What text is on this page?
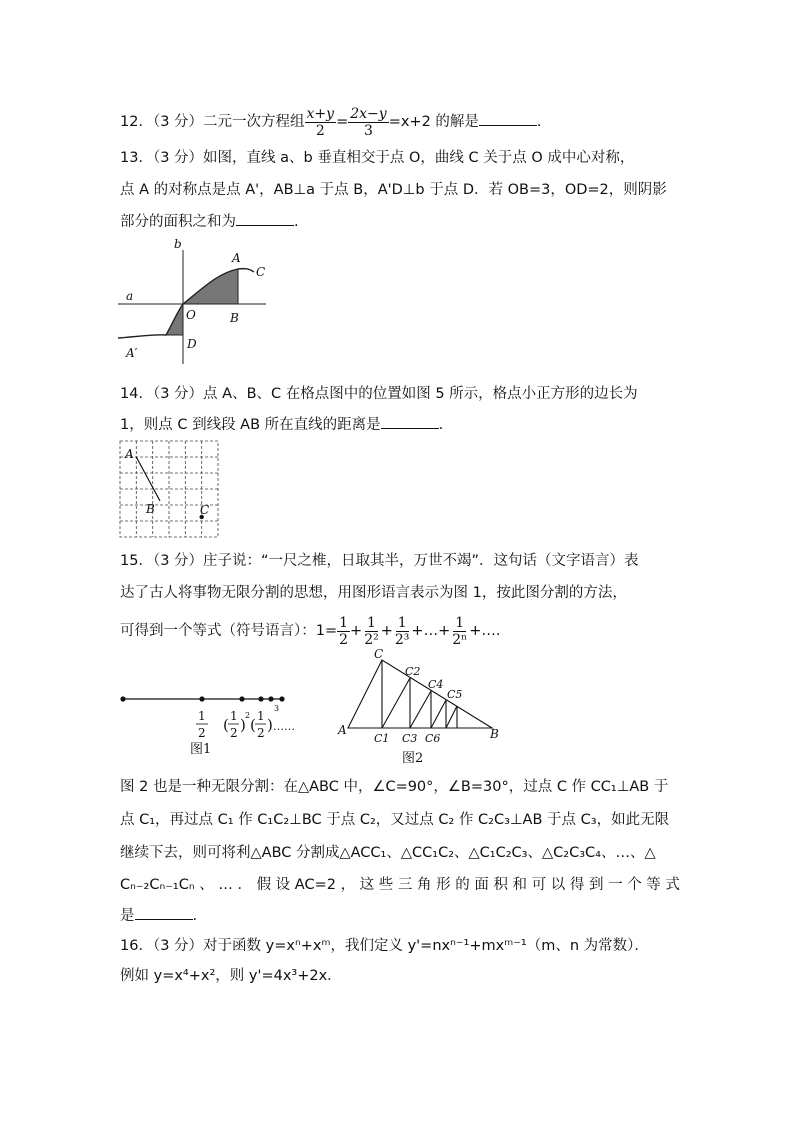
12．（3 分）二元一次方程组 $\frac{x+y}{2} = \frac{2x-y}{3} =x+2$ 的解是	.
13．（3 分）如图，直线 a、b 垂直相交于点 O，曲线 C 关于点 O 成中心对称，
点 A 的对称点是点 A'，AB⊥a 于点 B，A'D⊥b 于点 D．若 OB=3，OD=2，则阴影
部分的面积之和为	.
b
a
A
C
O	B
D
A′
14．（3 分）点 A、B、C 在格点图中的位置如图 5 所示，格点小正方形的边长为
1，则点 C 到线段 AB 所在直线的距离是	.
A
B	C
15．（3 分）庄子说：“一尺之椎，日取其半，万世不竭”．这句话（文字语言）表
达了古人将事物无限分割的思想，用图形语言表示为图 1，按此图分割的方法，
可得到一个等式（符号语言）：$1= \frac{1}{2} + \frac{1}{\text{2²}} + \frac{1}{\text{2³}}$ +…+ $\frac{1}{\text{2ⁿ}}$ +….
3
1
2 ( 1
2 )
2
( 1
2 ) ……
图1
C
A	B
C2
C4
C5
C1 C3 C6
图2
图 2 也是一种无限分割：在△ABC 中，∠C=90°，∠B=30°，过点 C 作 CC₁⊥AB 于
点 C₁，再过点 C₁ 作 C₁C₂⊥BC 于点 C₂，又过点 C₂ 作 C₂C₃⊥AB 于点 C₃，如此无限
继续下去，则可将利△ABC 分割成△ACC₁、△CC₁C₂、△C₁C₂C₃、△C₂C₃C₄、…、△
Cₙ₋₂Cₙ₋₁Cₙ 、 … ． 假 设 AC=2 ， 这 些 三 角 形 的 面 积 和 可 以 得 到 一 个 等 式
是	.
16．（3 分）对于函数 y=xⁿ+xᵐ，我们定义 y'=nxⁿ⁻¹+mxᵐ⁻¹（m、n 为常数）．
例如 y=x⁴+x²，则 y'=4x³+2x．
